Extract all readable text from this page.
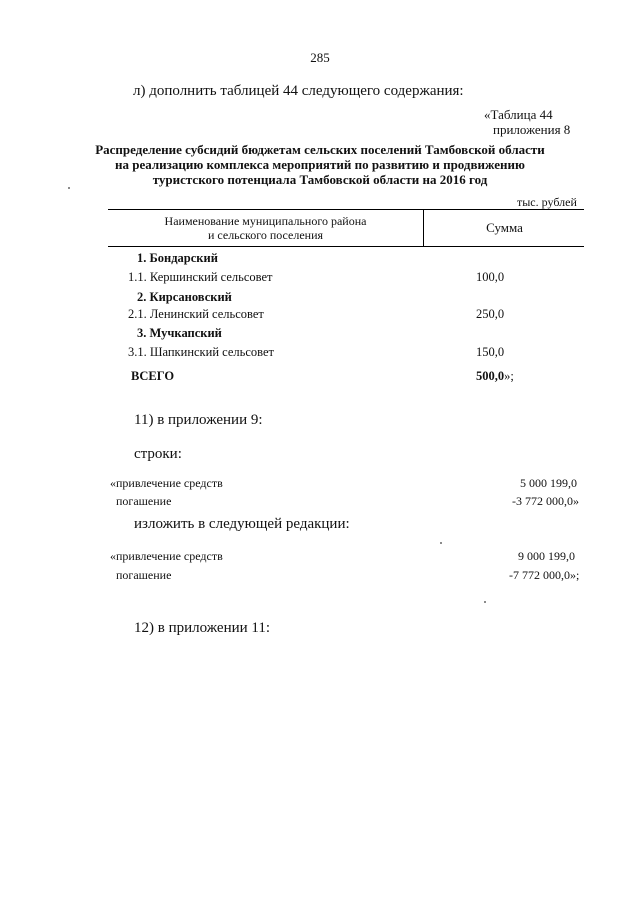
285
л) дополнить таблицей 44 следующего содержания:
«Таблица 44
приложения 8
Распределение субсидий бюджетам сельских поселений Тамбовской области
на реализацию комплекса мероприятий по развитию и продвижению
туристского потенциала Тамбовской области на 2016 год
тыс. рублей
Наименование муниципального района
и сельского поселения	Сумма
1. Бондарский
1.1. Кершинский сельсовет	100,0
2. Кирсановский
2.1. Ленинский сельсовет	250,0
3. Мучкапский
3.1. Шапкинский сельсовет	150,0
ВСЕГО	500,0»;
11) в приложении 9:
строки:
«привлечение средств	5 000 199,0
погашение	-3 772 000,0»
изложить в следующей редакции:
«привлечение средств	9 000 199,0
погашение	-7 772 000,0»;
12) в приложении 11:
